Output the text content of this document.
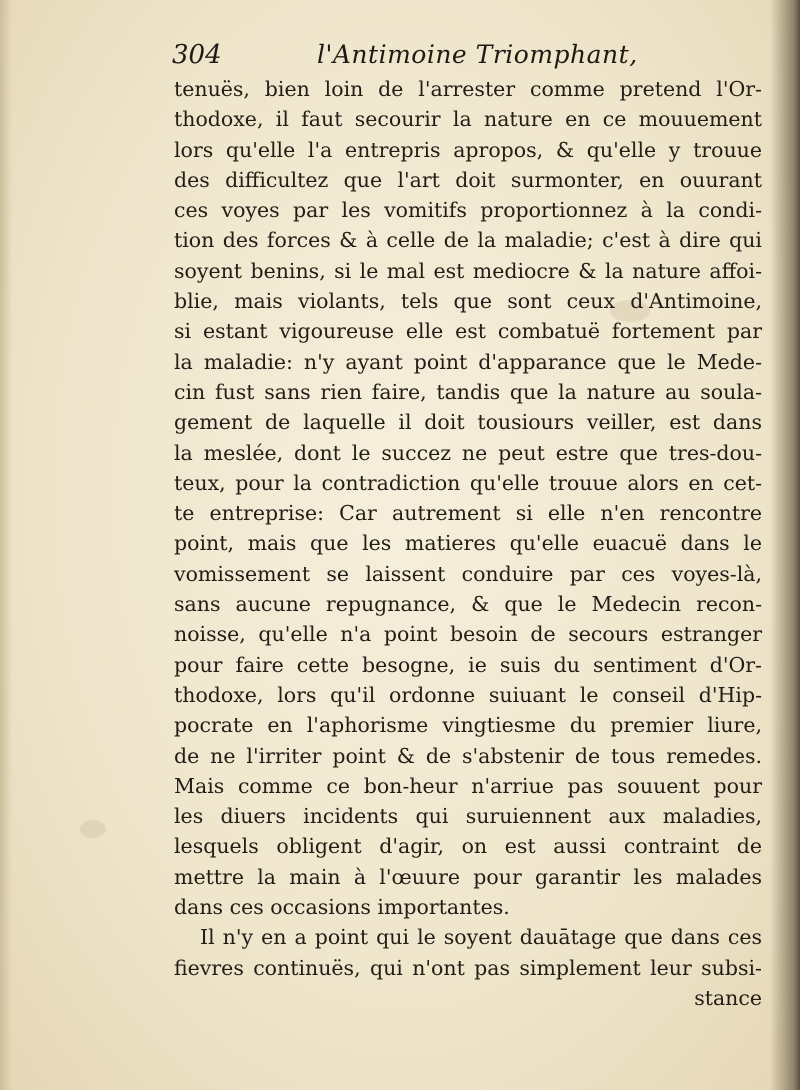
304	l'Antimoine Triomphant,
tenuës, bien loin de l'arrester comme pretend l'Or-
thodoxe, il faut secourir la nature en ce mouuement
lors qu'elle l'a entrepris apropos, & qu'elle y trouue
des difficultez que l'art doit surmonter, en ouurant
ces voyes par les vomitifs proportionnez à la condi-
tion des forces & à celle de la maladie; c'est à dire qui
soyent benins, si le mal est mediocre & la nature affoi-
blie, mais violants, tels que sont ceux d'Antimoine,
si estant vigoureuse elle est combatuë fortement par
la maladie: n'y ayant point d'apparance que le Mede-
cin fust sans rien faire, tandis que la nature au soula-
gement de laquelle il doit tousiours veiller, est dans
la meslée, dont le succez ne peut estre que tres-dou-
teux, pour la contradiction qu'elle trouue alors en cet-
te entreprise: Car autrement si elle n'en rencontre
point, mais que les matieres qu'elle euacuë dans le
vomissement se laissent conduire par ces voyes-là,
sans aucune repugnance, & que le Medecin recon-
noisse, qu'elle n'a point besoin de secours estranger
pour faire cette besogne, ie suis du sentiment d'Or-
thodoxe, lors qu'il ordonne suiuant le conseil d'Hip-
pocrate en l'aphorisme vingtiesme du premier liure,
de ne l'irriter point & de s'abstenir de tous remedes.
Mais comme ce bon-heur n'arriue pas souuent pour
les diuers incidents qui suruiennent aux maladies,
lesquels obligent d'agir, on est aussi contraint de
mettre la main à l'œuure pour garantir les malades
dans ces occasions importantes.
Il n'y en a point qui le soyent dauātage que dans ces
fievres continuës, qui n'ont pas simplement leur subsi-
stance
